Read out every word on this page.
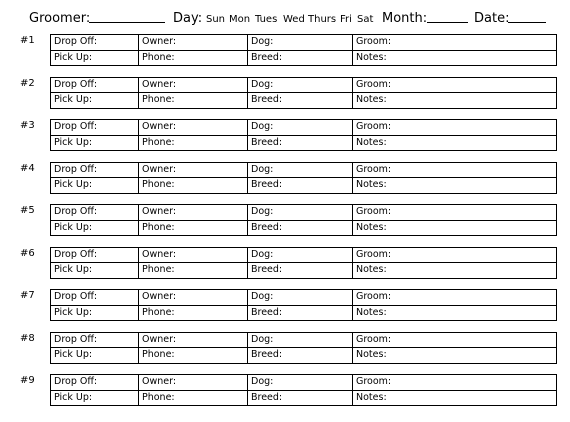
Groomer:	Day: Sun Mon Tues Wed Thurs Fri Sat Month:	Date:
#1 Drop Off:	Owner:	Dog:	Groom:
Pick Up:	Phone:	Breed:	Notes:
#2 Drop Off:	Owner:	Dog:	Groom:
Pick Up:	Phone:	Breed:	Notes:
#3 Drop Off:	Owner:	Dog:	Groom:
Pick Up:	Phone:	Breed:	Notes:
#4 Drop Off:	Owner:	Dog:	Groom:
Pick Up:	Phone:	Breed:	Notes:
#5 Drop Off:	Owner:	Dog:	Groom:
Pick Up:	Phone:	Breed:	Notes:
#6 Drop Off:	Owner:	Dog:	Groom:
Pick Up:	Phone:	Breed:	Notes:
#7 Drop Off:	Owner:	Dog:	Groom:
Pick Up:	Phone:	Breed:	Notes:
#8 Drop Off:	Owner:	Dog:	Groom:
Pick Up:	Phone:	Breed:	Notes:
#9 Drop Off:	Owner:	Dog:	Groom:
Pick Up:	Phone:	Breed:	Notes:
